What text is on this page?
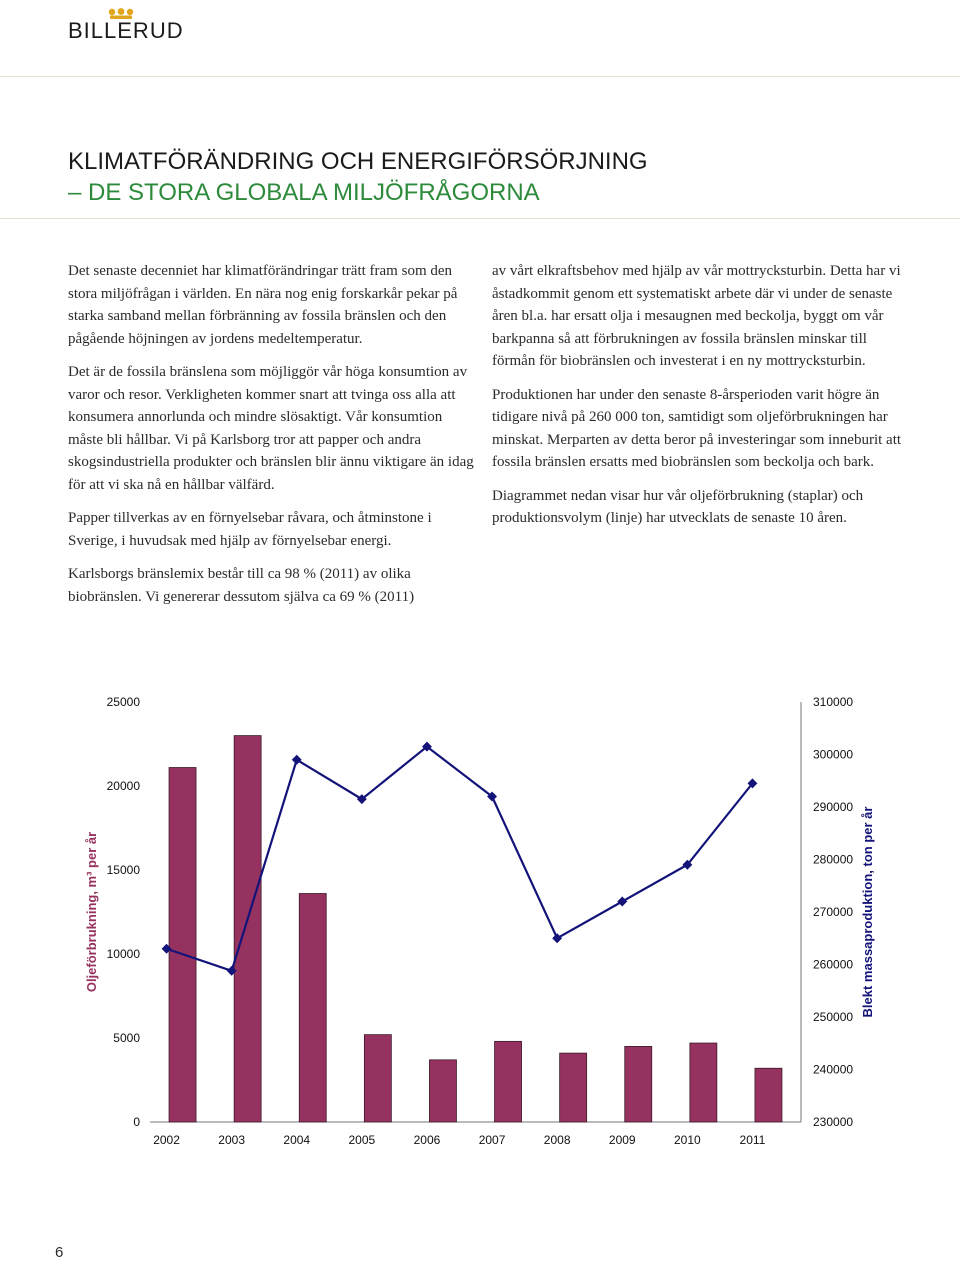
BILLERUD
KLIMATFÖRÄNDRING OCH ENERGIFÖRSÖRJNING
– DE STORA GLOBALA MILJÖFRÅGORNA

Det senaste decenniet har klimatförändringar trätt fram som den stora miljöfrågan i världen. En nära nog enig forskarkår pekar på starka samband mellan förbränning av fossila bränslen och den pågående höjningen av jordens medeltemperatur.

Det är de fossila bränslena som möjliggör vår höga konsumtion av varor och resor. Verkligheten kommer snart att tvinga oss alla att konsumera annorlunda och mindre slösaktigt. Vår konsumtion måste bli hållbar. Vi på Karlsborg tror att papper och andra skogsindustriella produkter och bränslen blir ännu viktigare än idag för att vi ska nå en hållbar välfärd.

Papper tillverkas av en förnyelsebar råvara, och åtminstone i Sverige, i huvudsak med hjälp av förnyelsebar energi.

Karlsborgs bränslemix består till ca 98 % (2011) av olika biobränslen. Vi genererar dessutom själva ca 69 % (2011)

av vårt elkraftsbehov med hjälp av vår mottrycksturbin. Detta har vi åstadkommit genom ett systematiskt arbete där vi under de senaste åren bl.a. har ersatt olja i mesaugnen med beckolja, byggt om vår barkpanna så att förbrukningen av fossila bränslen minskar till förmån för biobränslen och investerat i en ny mottrycksturbin.

Produktionen har under den senaste 8-årsperioden varit högre än tidigare nivå på 260 000 ton, samtidigt som oljeförbrukningen har minskat. Merparten av detta beror på investeringar som inneburit att fossila bränslen ersatts med biobränslen som beckolja och bark.

Diagrammet nedan visar hur vår oljeförbrukning (staplar) och produktionsvolym (linje) har utvecklats de senaste 10 åren.

0
5000
10000
15000
20000
25000
230000
240000
250000
260000
270000
280000
290000
300000
310000
2002	2003	2004	2005	2006	2007	2008	2009	2010	2011
Oljeförbrukning, m³ per år	Blekt massaproduktion, ton per år
6
